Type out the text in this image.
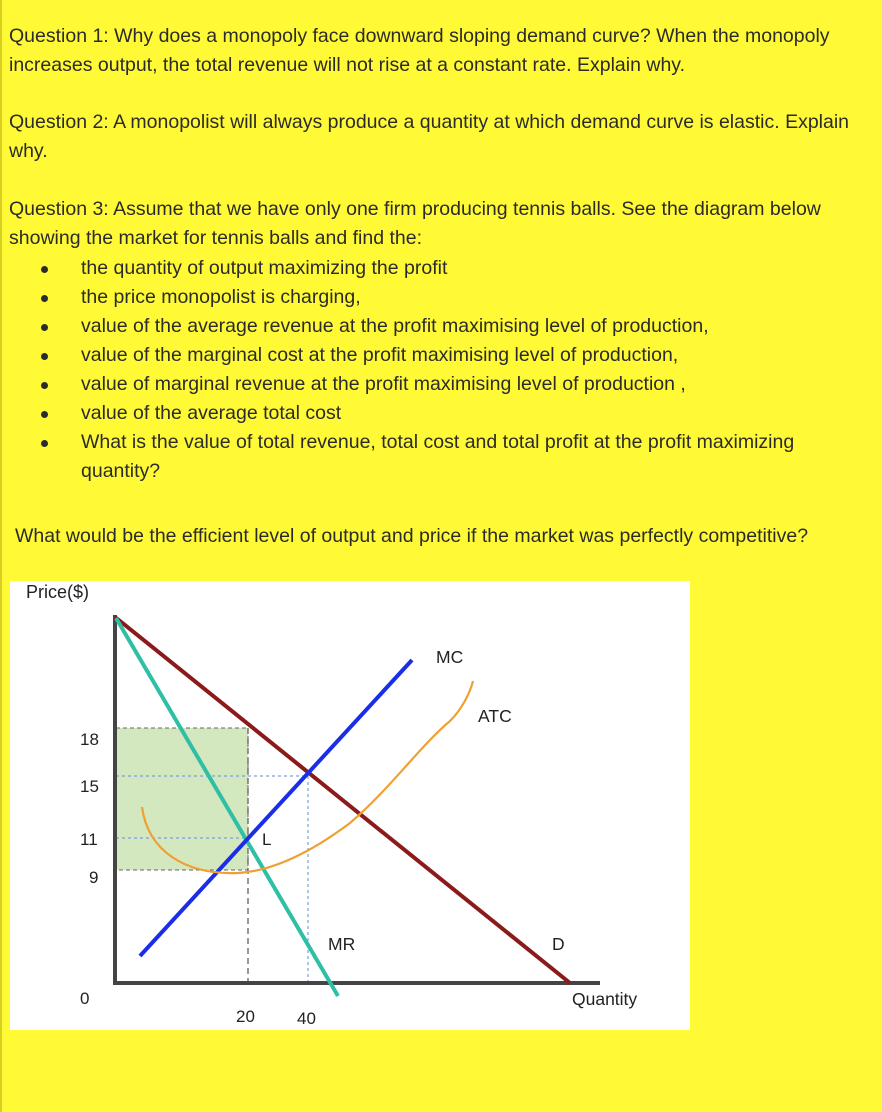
Question 1: Why does a monopoly face downward sloping demand curve? When the monopoly increases output, the total revenue will not rise at a constant rate. Explain why.
Question 2: A monopolist will always produce a quantity at which demand curve is elastic. Explain why.
Question 3: Assume that we have only one firm producing tennis balls. See the diagram below showing the market for tennis balls and find the:
the quantity of output maximizing the profit
the price monopolist is charging,
value of the average revenue at the profit maximising level of production,
value of the marginal cost at the profit maximising level of production,
value of marginal revenue at the profit maximising level of production ,
value of the average total cost
What is the value of total revenue, total cost and total profit at the profit maximizing quantity?
What would be the efficient level of output and price if the market was perfectly competitive?
Price($)
Quantity
18
15
11
9
0
20 40
MC
ATC
MR	D
L
